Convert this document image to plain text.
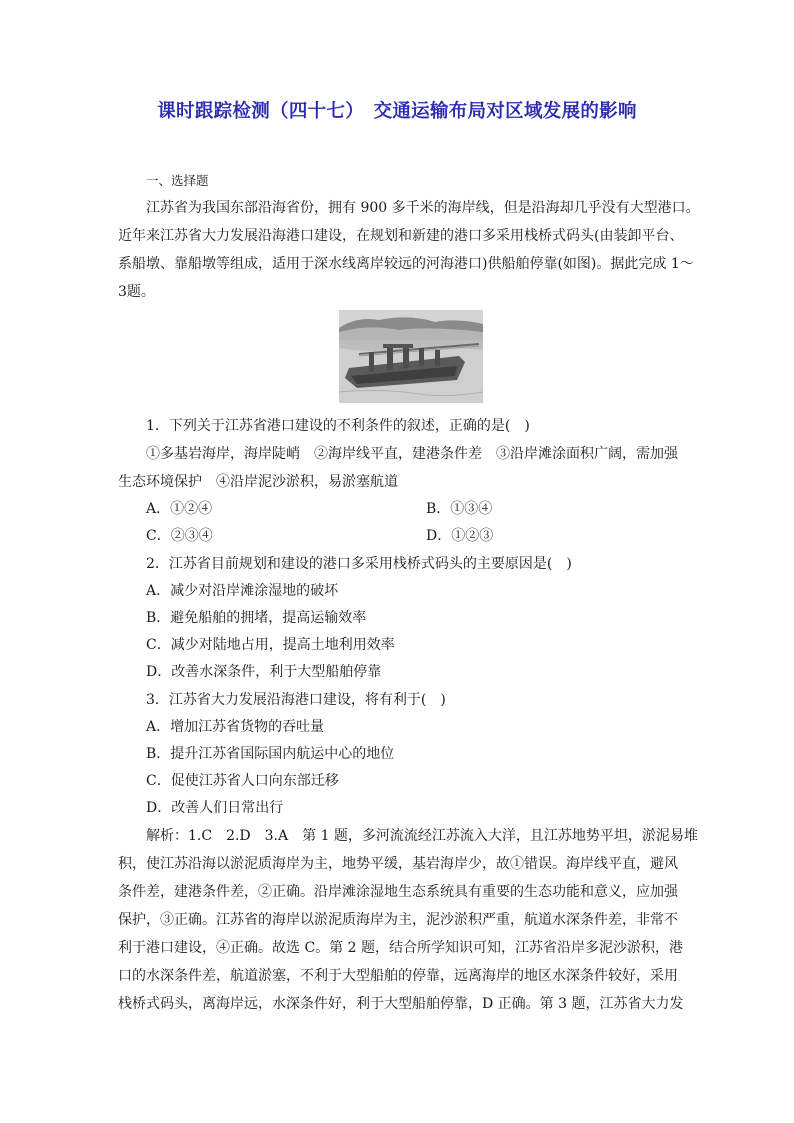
课时跟踪检测（四十七）　交通运输布局对区域发展的影响
一、选择题
江苏省为我国东部沿海省份，拥有 900 多千米的海岸线，但是沿海却几乎没有大型港口。
近年来江苏省大力发展沿海港口建设，在规划和新建的港口多采用栈桥式码头(由装卸平台、
系船墩、靠船墩等组成，适用于深水线离岸较远的河海港口)供船舶停靠(如图)。据此完成 1～
3题。
1．下列关于江苏省港口建设的不利条件的叙述，正确的是(　)
①多基岩海岸，海岸陡峭　②海岸线平直，建港条件差　③沿岸滩涂面积广阔，需加强
生态环境保护　④沿岸泥沙淤积，易淤塞航道
A．①②④	B．①③④
C．②③④	D．①②③
2．江苏省目前规划和建设的港口多采用栈桥式码头的主要原因是(　)
A．减少对沿岸滩涂湿地的破坏
B．避免船舶的拥堵，提高运输效率
C．减少对陆地占用，提高土地利用效率
D．改善水深条件，利于大型船舶停靠
3．江苏省大力发展沿海港口建设，将有利于(　)
A．增加江苏省货物的吞吐量
B．提升江苏省国际国内航运中心的地位
C．促使江苏省人口向东部迁移
D．改善人们日常出行
解析：1.C　2.D　3.A　第 1 题，多河流流经江苏流入大洋，且江苏地势平坦，淤泥易堆
积，使江苏沿海以淤泥质海岸为主，地势平缓，基岩海岸少，故①错误。海岸线平直，避风
条件差，建港条件差，②正确。沿岸滩涂湿地生态系统具有重要的生态功能和意义，应加强
保护，③正确。江苏省的海岸以淤泥质海岸为主，泥沙淤积严重，航道水深条件差，非常不
利于港口建设，④正确。故选 C。第 2 题，结合所学知识可知，江苏省沿岸多泥沙淤积，港
口的水深条件差，航道淤塞，不利于大型船舶的停靠，远离海岸的地区水深条件较好，采用
栈桥式码头，离海岸远，水深条件好，利于大型船舶停靠，D 正确。第 3 题，江苏省大力发
